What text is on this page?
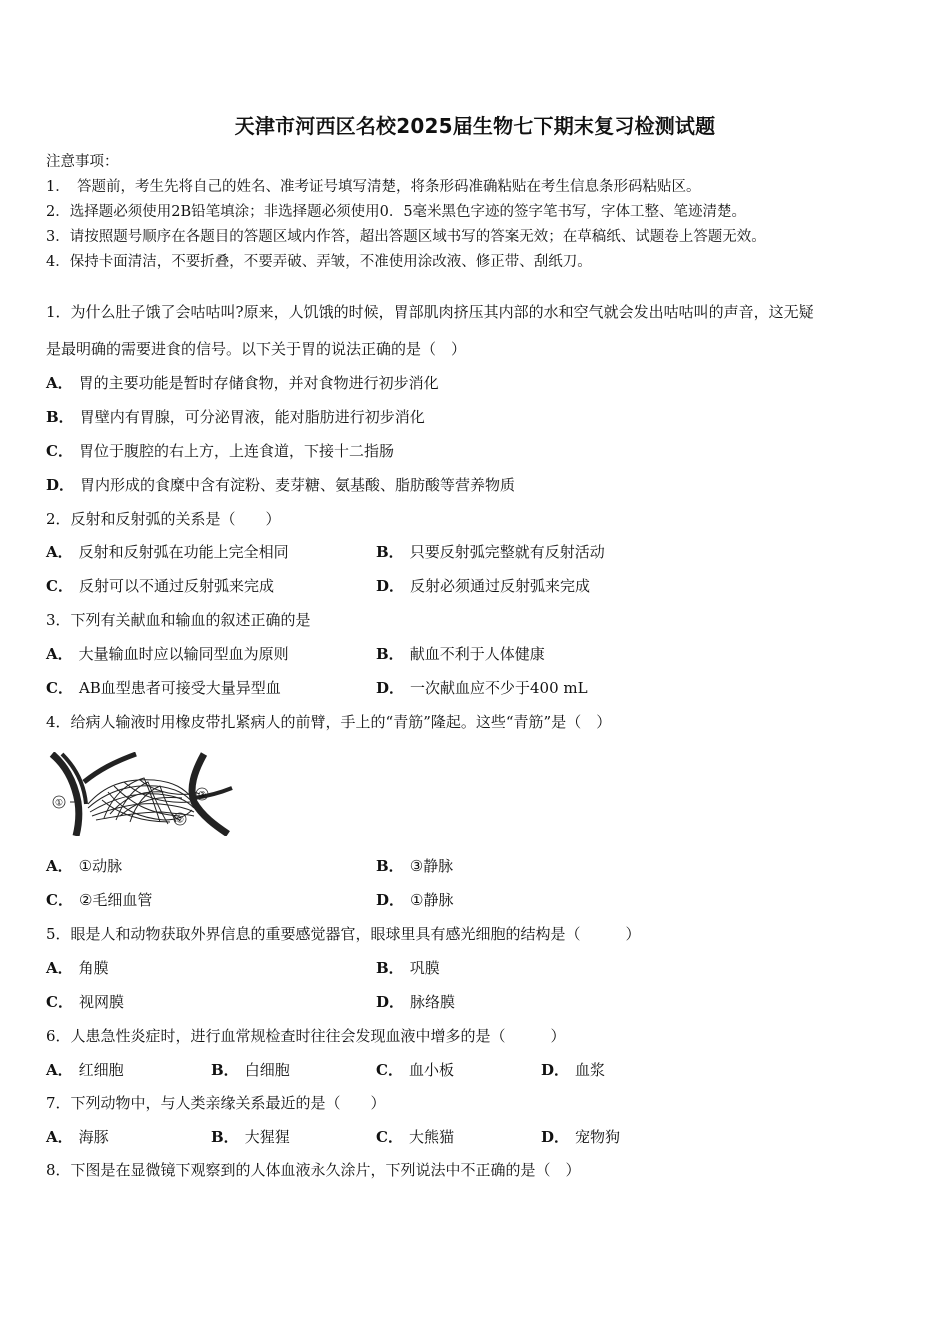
天津市河西区名校2025届生物七下期末复习检测试题
注意事项：
1．　答题前，考生先将自己的姓名、准考证号填写清楚，将条形码准确粘贴在考生信息条形码粘贴区。
2．选择题必须使用2B铅笔填涂；非选择题必须使用0．5毫米黑色字迹的签字笔书写，字体工整、笔迹清楚。
3．请按照题号顺序在各题目的答题区域内作答，超出答题区域书写的答案无效；在草稿纸、试题卷上答题无效。
4．保持卡面清洁，不要折叠，不要弄破、弄皱，不准使用涂改液、修正带、刮纸刀。
1．为什么肚子饿了会咕咕叫?原来，人饥饿的时候，胃部肌肉挤压其内部的水和空气就会发出咕咕叫的声音，这无疑
是最明确的需要进食的信号。以下关于胃的说法正确的是（　）
A． 胃的主要功能是暂时存储食物，并对食物进行初步消化
B． 胃壁内有胃腺，可分泌胃液，能对脂肪进行初步消化
C． 胃位于腹腔的右上方，上连食道，下接十二指肠
D． 胃内形成的食糜中含有淀粉、麦芽糖、氨基酸、脂肪酸等营养物质
2．反射和反射弧的关系是（　　）
A． 反射和反射弧在功能上完全相同	B． 只要反射弧完整就有反射活动
C． 反射可以不通过反射弧来完成	D． 反射必须通过反射弧来完成
3．下列有关献血和输血的叙述正确的是
A． 大量输血时应以输同型血为原则	B． 献血不利于人体健康
C． AB血型患者可接受大量异型血	D． 一次献血应不少于400 mL
4．给病人输液时用橡皮带扎紧病人的前臂，手上的“青筋”隆起。这些“青筋”是（　）
①
②
③
A． ①动脉	B． ③静脉
C． ②毛细血管	D． ①静脉
5．眼是人和动物获取外界信息的重要感觉器官，眼球里具有感光细胞的结构是（　　　）
A． 角膜	B． 巩膜
C． 视网膜	D． 脉络膜
6．人患急性炎症时，进行血常规检查时往往会发现血液中增多的是（　　　）
A． 红细胞	B． 白细胞	C． 血小板	D． 血浆
7．下列动物中，与人类亲缘关系最近的是（　　）
A． 海豚	B． 大猩猩	C． 大熊猫	D． 宠物狗
8．下图是在显微镜下观察到的人体血液永久涂片，下列说法中不正确的是（　）
